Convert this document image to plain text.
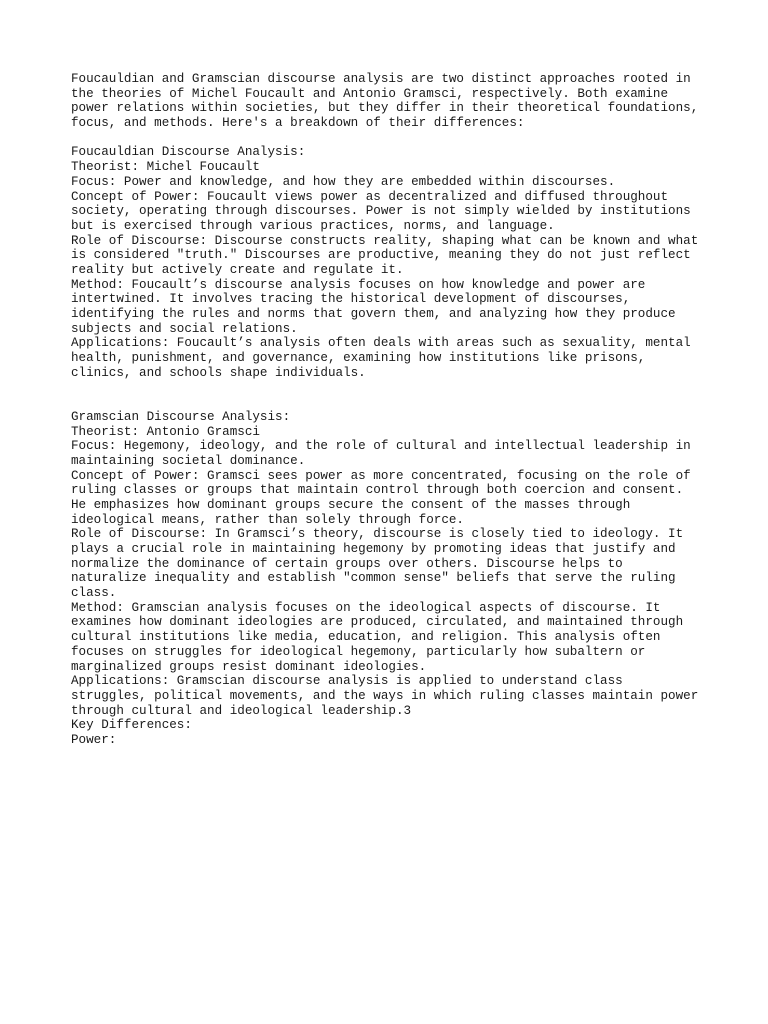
Foucauldian and Gramscian discourse analysis are two distinct approaches rooted in
the theories of Michel Foucault and Antonio Gramsci, respectively. Both examine
power relations within societies, but they differ in their theoretical foundations,
focus, and methods. Here's a breakdown of their differences:
Foucauldian Discourse Analysis:
Theorist: Michel Foucault
Focus: Power and knowledge, and how they are embedded within discourses.
Concept of Power: Foucault views power as decentralized and diffused throughout
society, operating through discourses. Power is not simply wielded by institutions
but is exercised through various practices, norms, and language.
Role of Discourse: Discourse constructs reality, shaping what can be known and what
is considered "truth." Discourses are productive, meaning they do not just reflect
reality but actively create and regulate it.
Method: Foucault’s discourse analysis focuses on how knowledge and power are
intertwined. It involves tracing the historical development of discourses,
identifying the rules and norms that govern them, and analyzing how they produce
subjects and social relations.
Applications: Foucault’s analysis often deals with areas such as sexuality, mental
health, punishment, and governance, examining how institutions like prisons,
clinics, and schools shape individuals.
Gramscian Discourse Analysis:
Theorist: Antonio Gramsci
Focus: Hegemony, ideology, and the role of cultural and intellectual leadership in
maintaining societal dominance.
Concept of Power: Gramsci sees power as more concentrated, focusing on the role of
ruling classes or groups that maintain control through both coercion and consent.
He emphasizes how dominant groups secure the consent of the masses through
ideological means, rather than solely through force.
Role of Discourse: In Gramsci’s theory, discourse is closely tied to ideology. It
plays a crucial role in maintaining hegemony by promoting ideas that justify and
normalize the dominance of certain groups over others. Discourse helps to
naturalize inequality and establish "common sense" beliefs that serve the ruling
class.
Method: Gramscian analysis focuses on the ideological aspects of discourse. It
examines how dominant ideologies are produced, circulated, and maintained through
cultural institutions like media, education, and religion. This analysis often
focuses on struggles for ideological hegemony, particularly how subaltern or
marginalized groups resist dominant ideologies.
Applications: Gramscian discourse analysis is applied to understand class
struggles, political movements, and the ways in which ruling classes maintain power
through cultural and ideological leadership.3
Key Differences:
Power:
